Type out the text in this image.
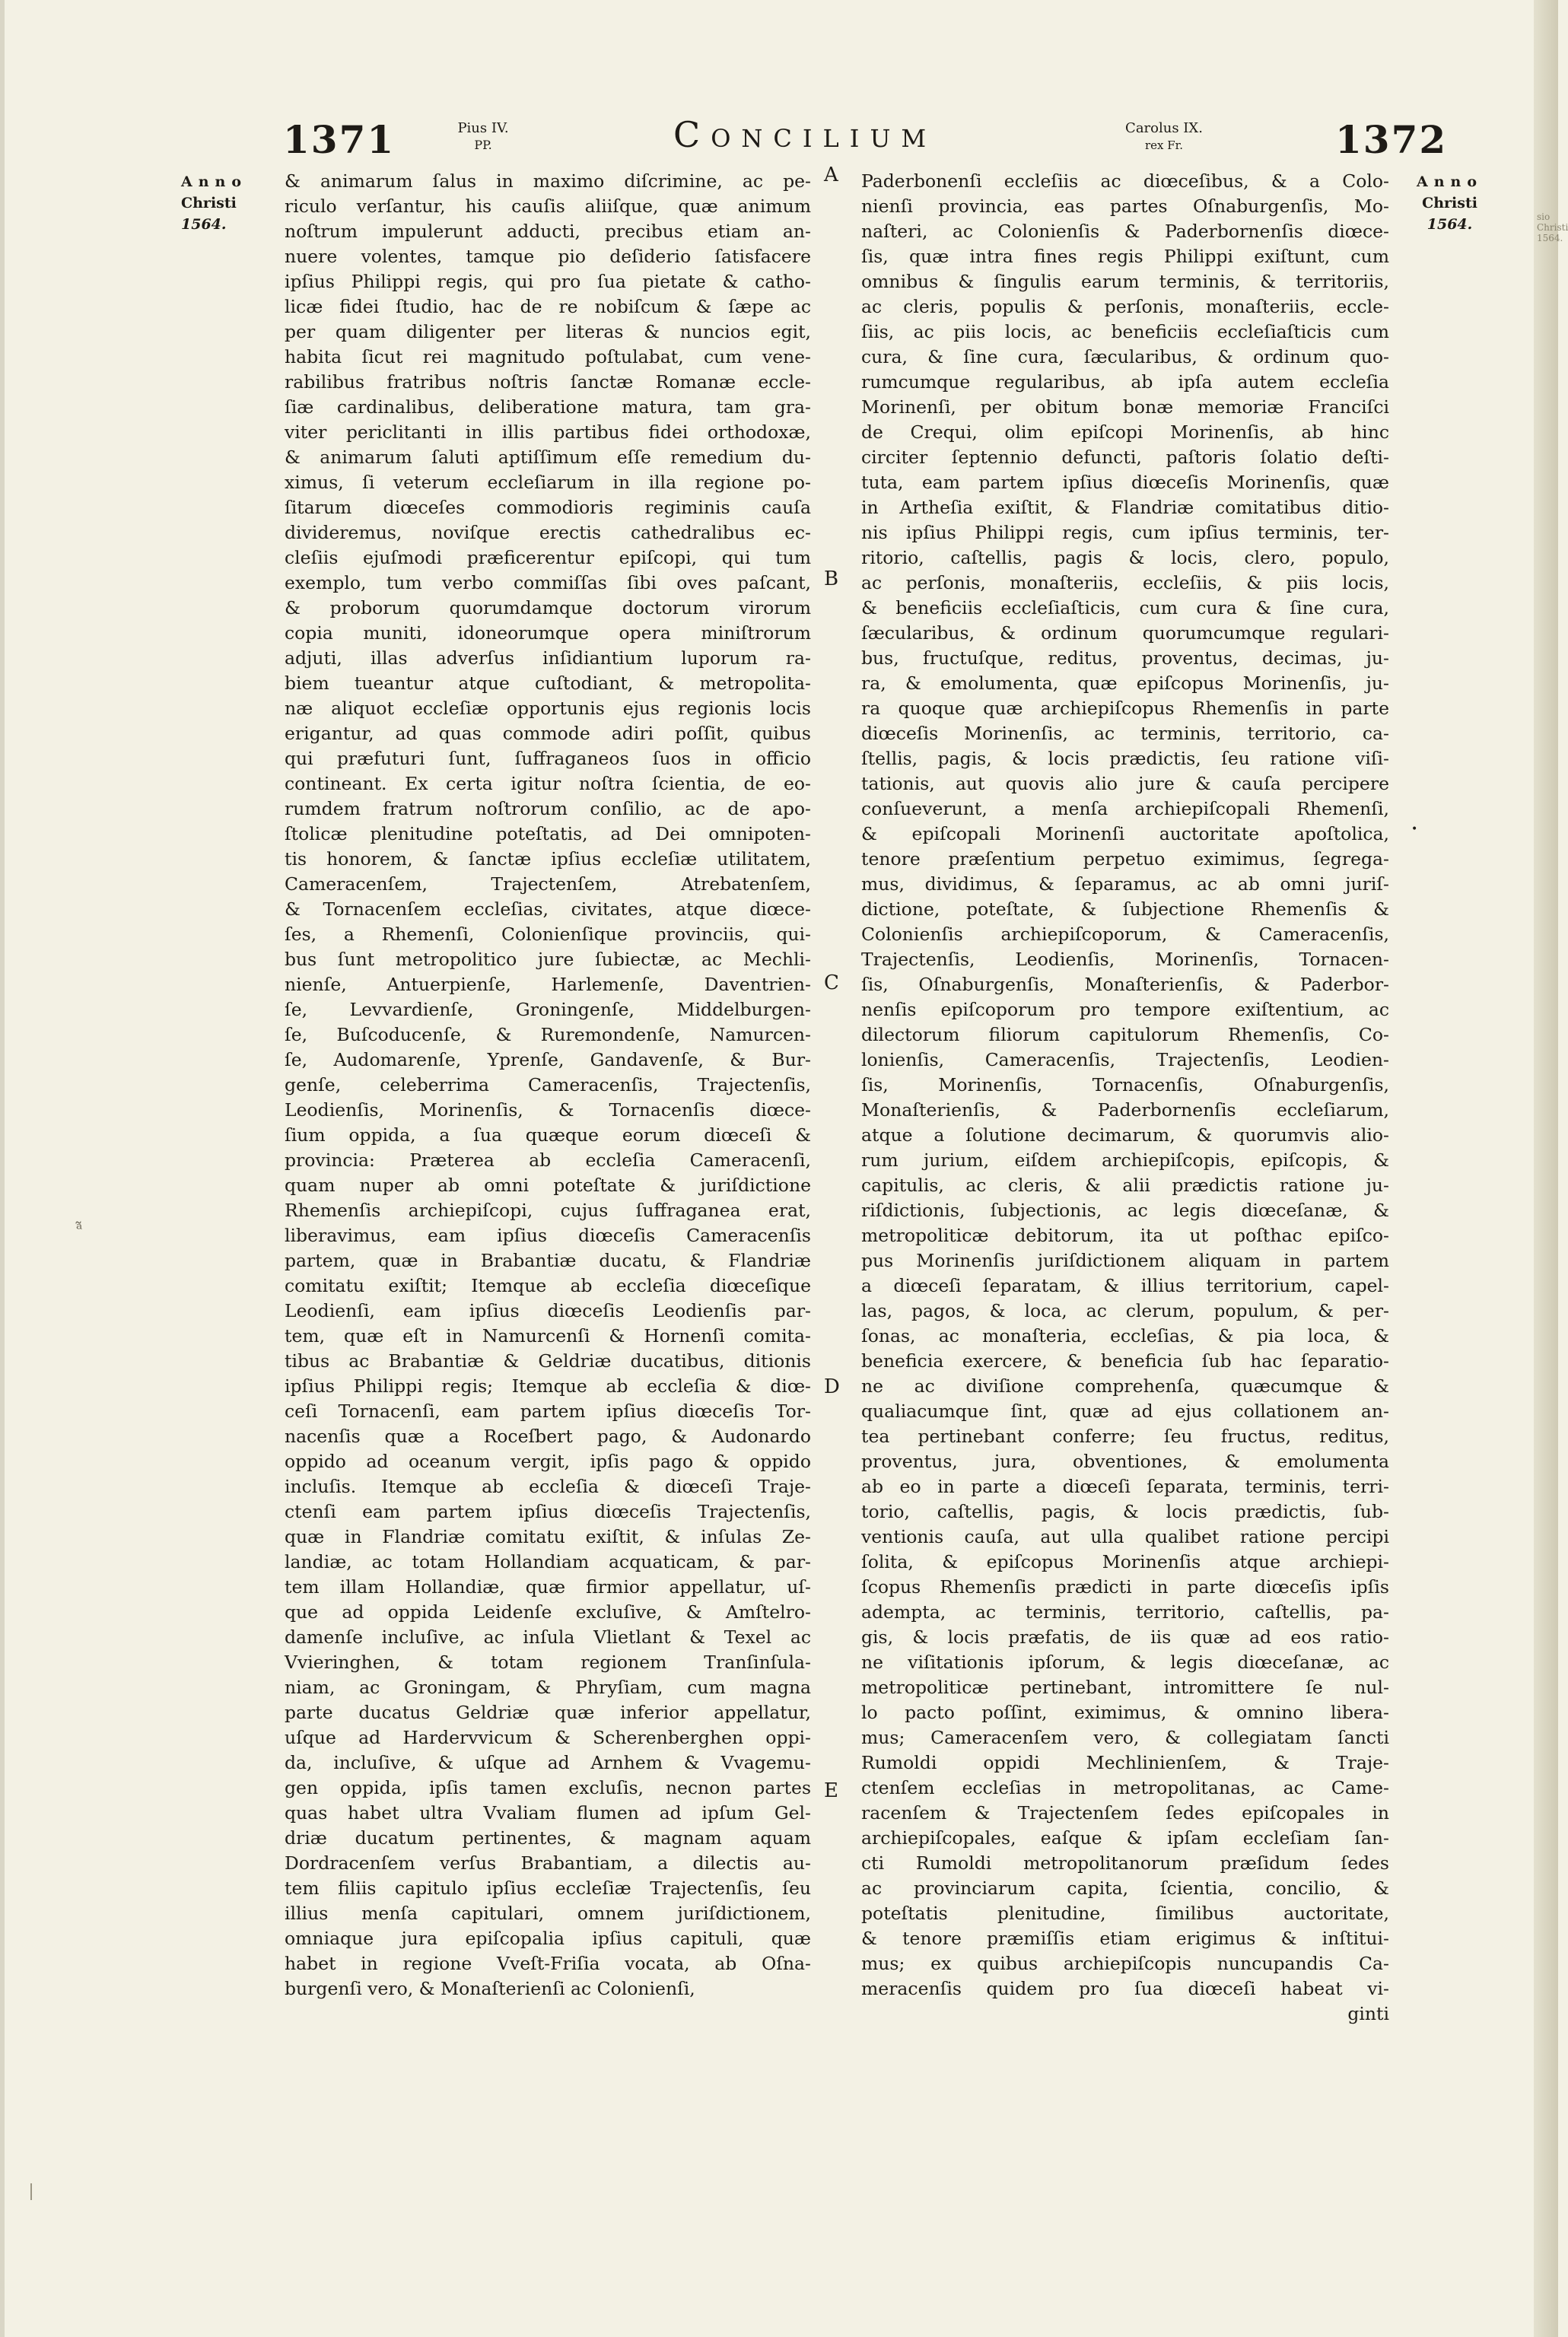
1371	Pius IV.
PP.	Concilium	Carolus IX.
rex Fr.	1372
Anno
Christi
1564.
Anno
Christi
1564.	sio
Christi
1564.
& animarum ſalus in maximo diſcrimine, ac pe-
riculo verſantur, his cauſis aliiſque, quæ animum
noſtrum impulerunt adducti, precibus etiam an-
nuere volentes, tamque pio deſiderio ſatisfacere
ipſius Philippi regis, qui pro ſua pietate & catho-
licæ fidei ſtudio, hac de re nobiſcum & ſæpe ac
per quam diligenter per literas & nuncios egit,
habita ſicut rei magnitudo poſtulabat, cum vene-
rabilibus fratribus noſtris ſanctæ Romanæ eccle-
ſiæ cardinalibus, deliberatione matura, tam gra-
viter periclitanti in illis partibus fidei orthodoxæ,
& animarum ſaluti aptiſſimum eſſe remedium du-
ximus, ſi veterum eccleſiarum in illa regione po-
ſitarum diœceſes commodioris regiminis cauſa
divideremus, noviſque erectis cathedralibus ec-
cleſiis ejuſmodi præficerentur epiſcopi, qui tum
exemplo, tum verbo commiſſas ſibi oves paſcant,
& proborum quorumdamque doctorum virorum
copia muniti, idoneorumque opera miniſtrorum
adjuti, illas adverſus inſidiantium luporum ra-
biem tueantur atque cuſtodiant, & metropolita-
næ aliquot eccleſiæ opportunis ejus regionis locis
erigantur, ad quas commode adiri poſſit, quibus
qui præfuturi ſunt, ſuffraganeos ſuos in officio
contineant. Ex certa igitur noſtra ſcientia, de eo-
rumdem fratrum noſtrorum conſilio, ac de apo-
ſtolicæ plenitudine poteſtatis, ad Dei omnipoten-
tis honorem, & ſanctæ ipſius eccleſiæ utilitatem,
Cameracenſem, Trajectenſem, Atrebatenſem,
& Tornacenſem eccleſias, civitates, atque diœce-
ſes, a Rhemenſi, Colonienſique provinciis, qui-
bus ſunt metropolitico jure ſubiectæ, ac Mechli-
nienſe, Antuerpienſe, Harlemenſe, Daventrien-
ſe, Levvardienſe, Groningenſe, Middelburgen-
ſe, Buſcoducenſe, & Ruremondenſe, Namurcen-
ſe, Audomarenſe, Yprenſe, Gandavenſe, & Bur-
genſe, celeberrima Cameracenſis, Trajectenſis,
Leodienſis, Morinenſis, & Tornacenſis diœce-
ſium oppida, a ſua quæque eorum diœceſi &
provincia: Præterea ab eccleſia Cameracenſi,
quam nuper ab omni poteſtate & juriſdictione
Rhemenſis archiepiſcopi, cujus ſuffraganea erat,
liberavimus, eam ipſius diœceſis Cameracenſis
partem, quæ in Brabantiæ ducatu, & Flandriæ
comitatu exiſtit; Itemque ab eccleſia diœceſique
Leodienſi, eam ipſius diœceſis Leodienſis par-
tem, quæ eſt in Namurcenſi & Hornenſi comita-
tibus ac Brabantiæ & Geldriæ ducatibus, ditionis
ipſius Philippi regis; Itemque ab eccleſia & diœ-
ceſi Tornacenſi, eam partem ipſius diœceſis Tor-
nacenſis quæ a Roceſbert pago, & Audonardo
oppido ad oceanum vergit, ipſis pago & oppido
incluſis. Itemque ab eccleſia & diœceſi Traje-
ctenſi eam partem ipſius diœceſis Trajectenſis,
quæ in Flandriæ comitatu exiſtit, & inſulas Ze-
landiæ, ac totam Hollandiam acquaticam, & par-
tem illam Hollandiæ, quæ firmior appellatur, uſ-
que ad oppida Leidenſe excluſive, & Amſtelro-
damenſe incluſive, ac inſula Vlietlant & Texel ac
Vvieringhen, & totam regionem Tranſinſula-
niam, ac Groningam, & Phryſiam, cum magna
parte ducatus Geldriæ quæ inferior appellatur,
uſque ad Hardervvicum & Scherenberghen oppi-
da, incluſive, & uſque ad Arnhem & Vvagemu-
gen oppida, ipſis tamen excluſis, necnon partes
quas habet ultra Vvaliam flumen ad ipſum Gel-
driæ ducatum pertinentes, & magnam aquam
Dordracenſem verſus Brabantiam, a dilectis au-
tem filiis capitulo ipſius eccleſiæ Trajectenſis, ſeu
illius menſa capitulari, omnem juriſdictionem,
omniaque jura epiſcopalia ipſius capituli, quæ
habet in regione Vveſt-Friſia vocata, ab Oſna-
burgenſi vero, & Monaſterienſi ac Colonienſi,
Paderbonenſi eccleſiis ac diœceſibus, & a Colo-
nienſi provincia, eas partes Oſnaburgenſis, Mo-
naſteri, ac Colonienſis & Paderbornenſis diœce-
ſis, quæ intra fines regis Philippi exiſtunt, cum
omnibus & ſingulis earum terminis, & territoriis,
ac cleris, populis & perſonis, monaſteriis, eccle-
ſiis, ac piis locis, ac beneficiis eccleſiaſticis cum
cura, & ſine cura, ſæcularibus, & ordinum quo-
rumcumque regularibus, ab ipſa autem eccleſia
Morinenſi, per obitum bonæ memoriæ Franciſci
de Crequi, olim epiſcopi Morinenſis, ab hinc
circiter ſeptennio defuncti, paſtoris ſolatio deſti-
tuta, eam partem ipſius diœceſis Morinenſis, quæ
in Artheſia exiſtit, & Flandriæ comitatibus ditio-
nis ipſius Philippi regis, cum ipſius terminis, ter-
ritorio, caſtellis, pagis & locis, clero, populo,
ac perſonis, monaſteriis, eccleſiis, & piis locis,
& beneficiis eccleſiaſticis, cum cura & ſine cura,
ſæcularibus, & ordinum quorumcumque regulari-
bus, fructuſque, reditus, proventus, decimas, ju-
ra, & emolumenta, quæ epiſcopus Morinenſis, ju-
ra quoque quæ archiepiſcopus Rhemenſis in parte
diœceſis Morinenſis, ac terminis, territorio, ca-
ſtellis, pagis, & locis prædictis, ſeu ratione viſi-
tationis, aut quovis alio jure & cauſa percipere
conſueverunt, a menſa archiepiſcopali Rhemenſi,
& epiſcopali Morinenſi auctoritate apoſtolica,
tenore præſentium perpetuo eximimus, ſegrega-
mus, dividimus, & ſeparamus, ac ab omni juriſ-
dictione, poteſtate, & ſubjectione Rhemenſis &
Colonienſis archiepiſcoporum, & Cameracenſis,
Trajectenſis, Leodienſis, Morinenſis, Tornacen-
ſis, Oſnaburgenſis, Monaſterienſis, & Paderbor-
nenſis epiſcoporum pro tempore exiſtentium, ac
dilectorum filiorum capitulorum Rhemenſis, Co-
lonienſis, Cameracenſis, Trajectenſis, Leodien-
ſis, Morinenſis, Tornacenſis, Oſnaburgenſis,
Monaſterienſis, & Paderbornenſis eccleſiarum,
atque a ſolutione decimarum, & quorumvis alio-
rum jurium, eiſdem archiepiſcopis, epiſcopis, &
capitulis, ac cleris, & alii prædictis ratione ju-
riſdictionis, ſubjectionis, ac legis diœceſanæ, &
metropoliticæ debitorum, ita ut poſthac epiſco-
pus Morinenſis juriſdictionem aliquam in partem
a diœceſi ſeparatam, & illius territorium, capel-
las, pagos, & loca, ac clerum, populum, & per-
ſonas, ac monaſteria, eccleſias, & pia loca, &
beneficia exercere, & beneficia ſub hac ſeparatio-
ne ac diviſione comprehenſa, quæcumque &
qualiacumque ſint, quæ ad ejus collationem an-
tea pertinebant conferre; ſeu fructus, reditus,
proventus, jura, obventiones, & emolumenta
ab eo in parte a diœceſi ſeparata, terminis, terri-
torio, caſtellis, pagis, & locis prædictis, ſub-
ventionis cauſa, aut ulla qualibet ratione percipi
ſolita, & epiſcopus Morinenſis atque archiepi-
ſcopus Rhemenſis prædicti in parte diœceſis ipſis
adempta, ac terminis, territorio, caſtellis, pa-
gis, & locis præfatis, de iis quæ ad eos ratio-
ne viſitationis ipſorum, & legis diœceſanæ, ac
metropoliticæ pertinebant, intromittere ſe nul-
lo pacto poſſint, eximimus, & omnino libera-
mus; Cameracenſem vero, & collegiatam ſancti
Rumoldi oppidi Mechlinienſem, & Traje-
ctenſem eccleſias in metropolitanas, ac Came-
racenſem & Trajectenſem ſedes epiſcopales in
archiepiſcopales, eaſque & ipſam eccleſiam ſan-
cti Rumoldi metropolitanorum præſidum ſedes
ac provinciarum capita, ſcientia, concilio, &
poteſtatis plenitudine, ſimilibus auctoritate,
& tenore præmiſſis etiam erigimus & inſtitui-
mus; ex quibus archiepiſcopis nuncupandis Ca-
meracenſis quidem pro ſua diœceſi habeat vi-
ginti
A
B
C
D
E
ᵃ̃
•
